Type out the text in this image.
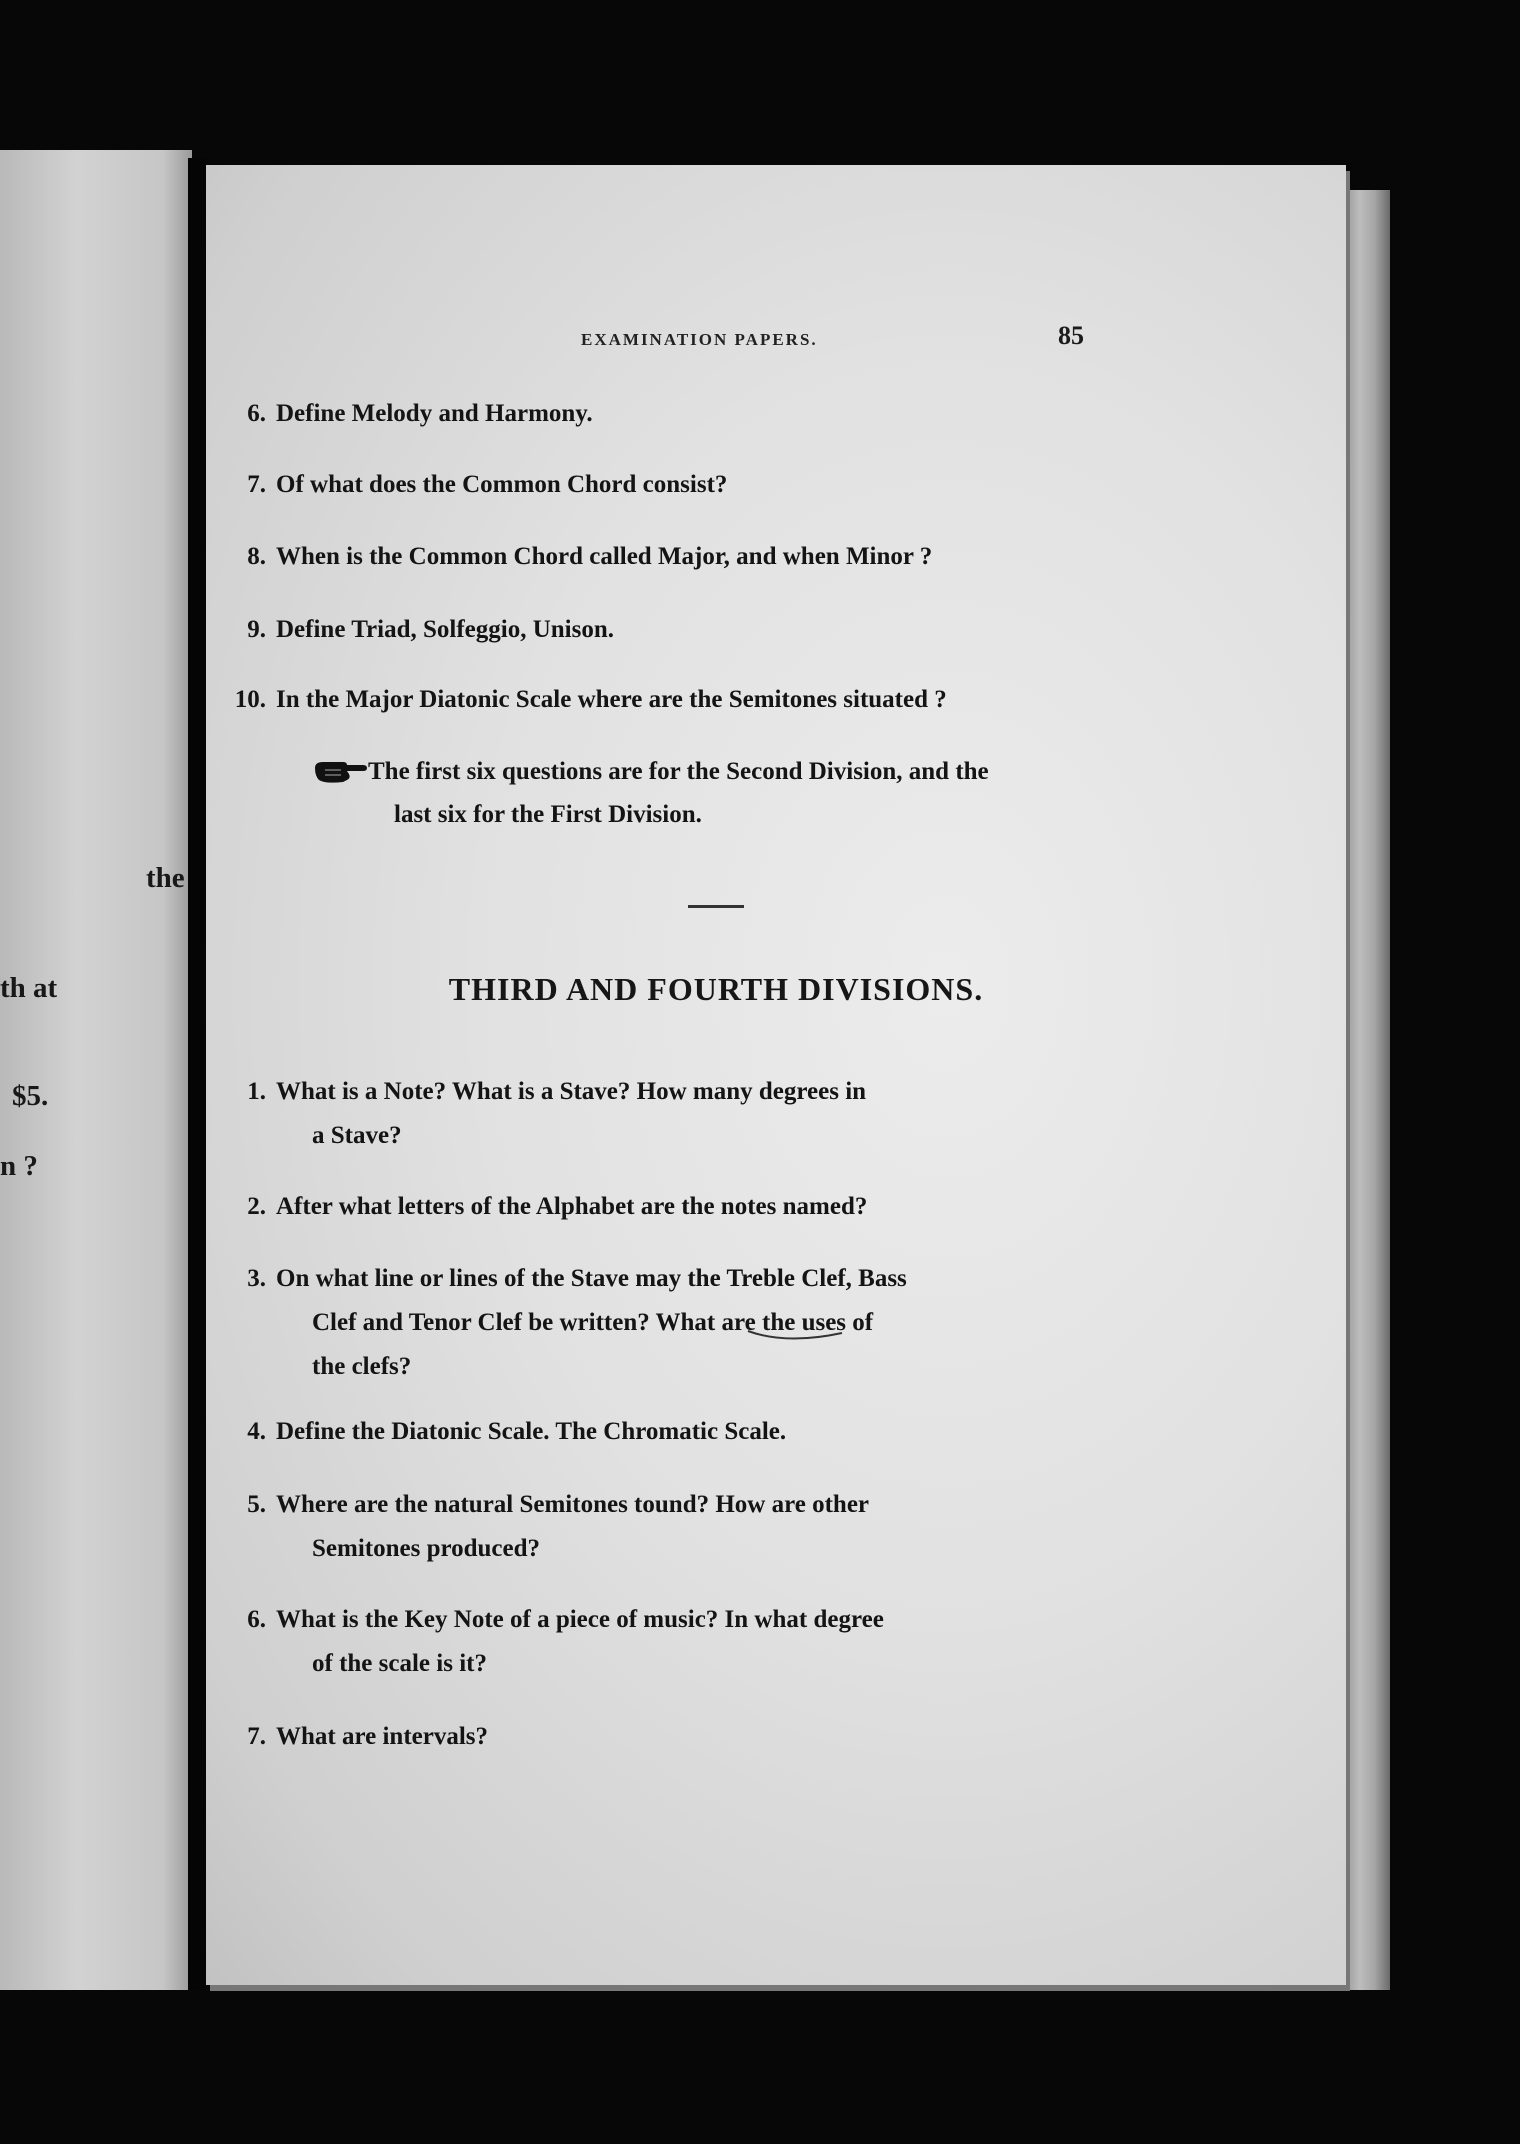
the
th at
$5.
n ?
EXAMINATION PAPERS.	85
6. Define Melody and Harmony.
7. Of what does the Common Chord consist?
8. When is the Common Chord called Major, and when Minor ?
9. Define Triad, Solfeggio, Unison.
10. In the Major Diatonic Scale where are the Semitones situated ?
The first six questions are for the Second Division, and the
last six for the First Division.
THIRD AND FOURTH DIVISIONS.
1. What is a Note? What is a Stave? How many degrees in
a Stave?
2. After what letters of the Alphabet are the notes named?
3. On what line or lines of the Stave may the Treble Clef, Bass
Clef and Tenor Clef be written? What are the uses of
the clefs?
4. Define the Diatonic Scale. The Chromatic Scale.
5. Where are the natural Semitones tound? How are other
Semitones produced?
6. What is the Key Note of a piece of music? In what degree
of the scale is it?
7. What are intervals?
